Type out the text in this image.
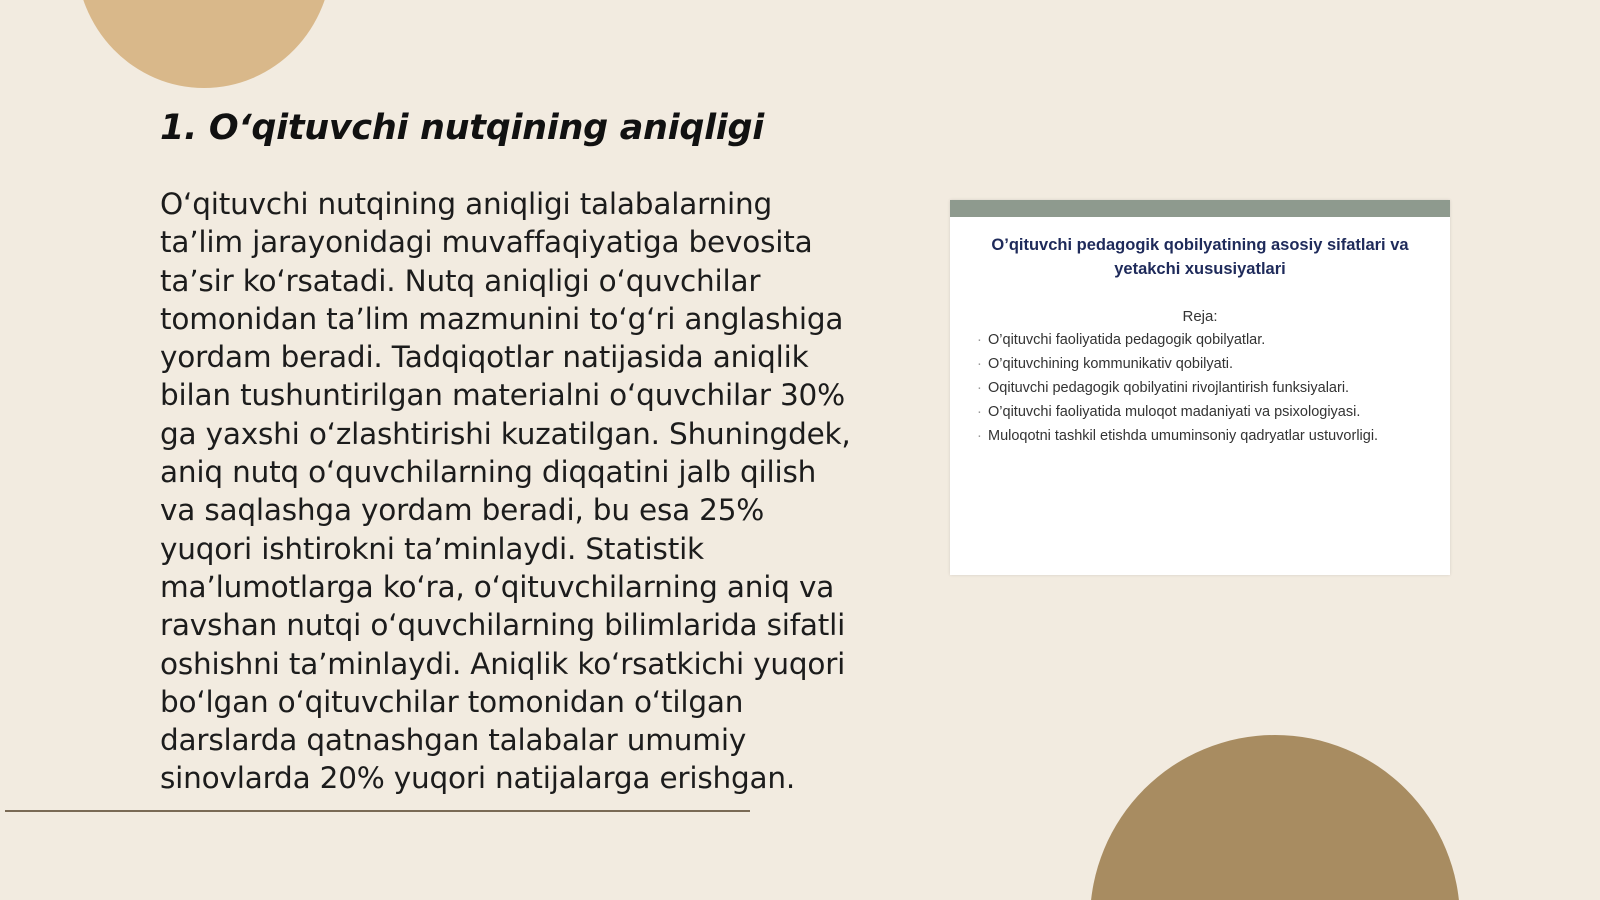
1. O‘qituvchi nutqining aniqligi

O‘qituvchi nutqining aniqligi talabalarning ta’lim jarayonidagi muvaffaqiyatiga bevosita ta’sir ko‘rsatadi. Nutq aniqligi o‘quvchilar tomonidan ta’lim mazmunini to‘g‘ri anglashiga yordam beradi. Tadqiqotlar natijasida aniqlik bilan tushuntirilgan materialni o‘quvchilar 30% ga yaxshi o‘zlashtirishi kuzatilgan. Shuningdek, aniq nutq o‘quvchilarning diqqatini jalb qilish va saqlashga yordam beradi, bu esa 25% yuqori ishtirokni ta’minlaydi. Statistik ma’lumotlarga ko‘ra, o‘qituvchilarning aniq va ravshan nutqi o‘quvchilarning bilimlarida sifatli oshishni ta’minlaydi. Aniqlik ko‘rsatkichi yuqori bo‘lgan o‘qituvchilar tomonidan o‘tilgan darslarda qatnashgan talabalar umumiy sinovlarda 20% yuqori natijalarga erishgan.

O’qituvchi pedagogik qobilyatining asosiy sifatlari va yetakchi xususiyatlari
Reja:
· O’qituvchi faoliyatida pedagogik qobilyatlar.
· O’qituvchining kommunikativ qobilyati.
· Oqituvchi pedagogik qobilyatini rivojlantirish funksiyalari.
· O’qituvchi faoliyatida muloqot madaniyati va psixologiyasi.
· Muloqotni tashkil etishda umuminsoniy qadryatlar ustuvorligi.
